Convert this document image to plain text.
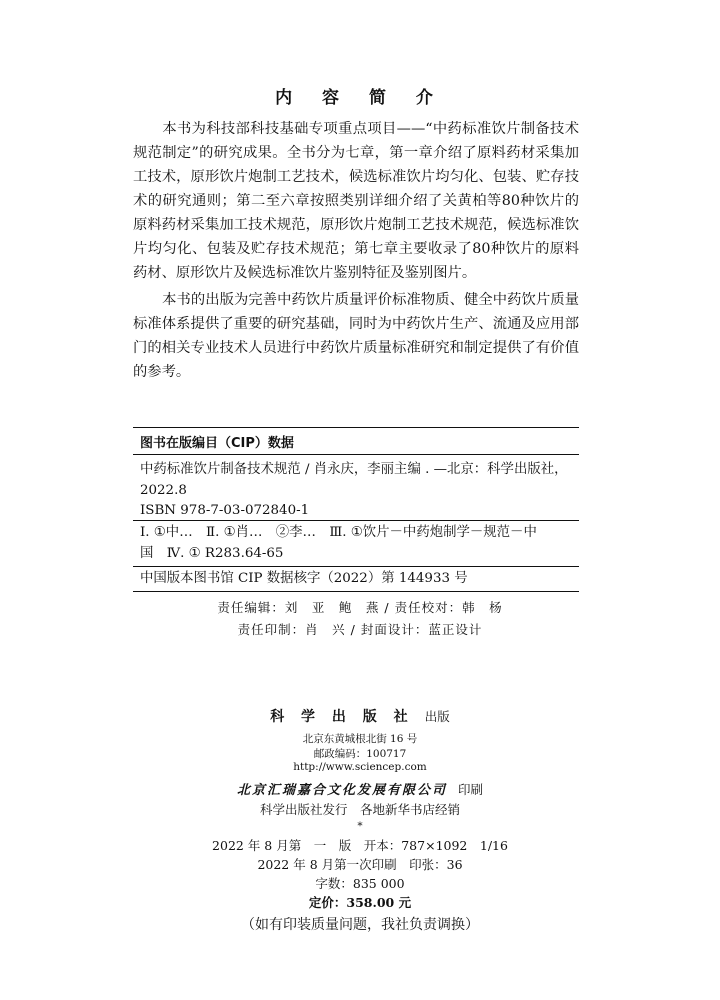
内 容 简 介
本书为科技部科技基础专项重点项目——“中药标准饮片制备技术规范制定”的研究成果。全书分为七章，第一章介绍了原料药材采集加工技术，原形饮片炮制工艺技术，候选标准饮片均匀化、包装、贮存技术的研究通则；第二至六章按照类别详细介绍了关黄柏等80种饮片的原料药材采集加工技术规范，原形饮片炮制工艺技术规范，候选标准饮片均匀化、包装及贮存技术规范；第七章主要收录了80种饮片的原料药材、原形饮片及候选标准饮片鉴别特征及鉴别图片。
本书的出版为完善中药饮片质量评价标准物质、健全中药饮片质量标准体系提供了重要的研究基础，同时为中药饮片生产、流通及应用部门的相关专业技术人员进行中药饮片质量标准研究和制定提供了有价值的参考。
图书在版编目（CIP）数据
中药标准饮片制备技术规范 / 肖永庆，李丽主编 . —北京：科学出版社，
2022.8
ISBN 978-7-03-072840-1
Ⅰ. ①中…　Ⅱ. ①肖…　②李…　Ⅲ. ①饮片－中药炮制学－规范－中
国　Ⅳ. ① R283.64-65
中国版本图书馆 CIP 数据核字（2022）第 144933 号
责任编辑：刘　亚　鲍　燕 / 责任校对：韩　杨
责任印制：肖　兴 / 封面设计：蓝正设计
科 学 出 版 社 出版
北京东黄城根北街 16 号
邮政编码：100717
http://www.sciencep.com
北京汇瑞嘉合文化发展有限公司 印刷
科学出版社发行　各地新华书店经销
*
2022 年 8 月第　一　版　开本：787×1092　1/16
2022 年 8 月第一次印刷　印张：36
字数：835 000
定价：358.00 元
（如有印装质量问题，我社负责调换）
